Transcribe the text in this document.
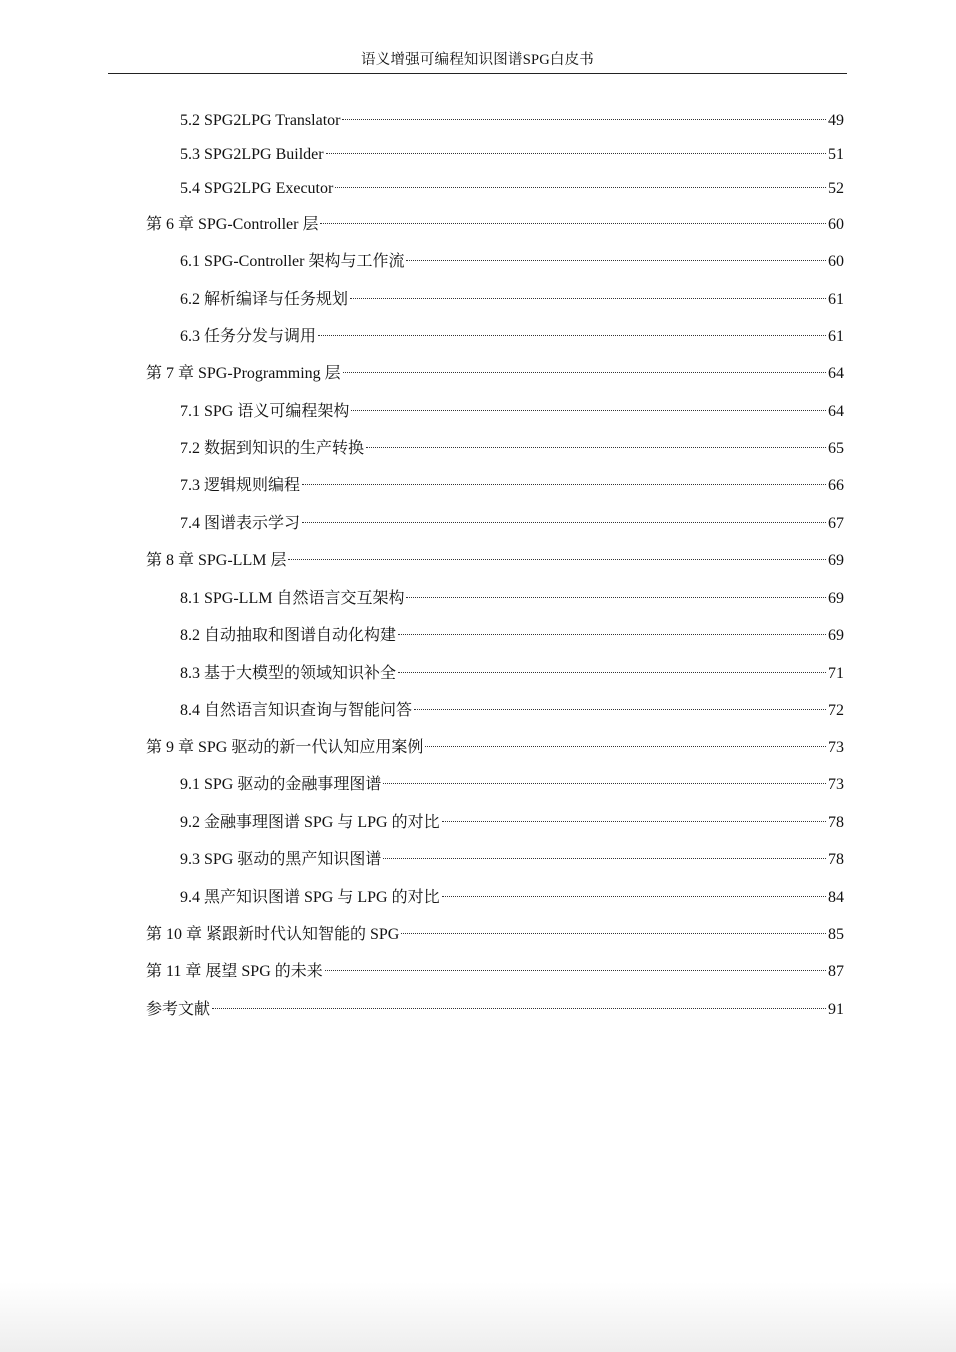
语义增强可编程知识图谱SPG白皮书
5.2 SPG2LPG Translator	49
5.3 SPG2LPG Builder	51
5.4 SPG2LPG Executor	52
第 6 章 SPG-Controller 层	60
6.1 SPG-Controller 架构与工作流	60
6.2 解析编译与任务规划	61
6.3 任务分发与调用	61
第 7 章 SPG-Programming 层	64
7.1 SPG 语义可编程架构	64
7.2 数据到知识的生产转换	65
7.3 逻辑规则编程	66
7.4 图谱表示学习	67
第 8 章 SPG-LLM 层	69
8.1 SPG-LLM 自然语言交互架构	69
8.2 自动抽取和图谱自动化构建	69
8.3 基于大模型的领域知识补全	71
8.4 自然语言知识查询与智能问答	72
第 9 章 SPG 驱动的新一代认知应用案例	73
9.1 SPG 驱动的金融事理图谱	73
9.2 金融事理图谱 SPG 与 LPG 的对比	78
9.3 SPG 驱动的黑产知识图谱	78
9.4 黑产知识图谱 SPG 与 LPG 的对比	84
第 10 章 紧跟新时代认知智能的 SPG	85
第 11 章 展望 SPG 的未来	87
参考文献	91
